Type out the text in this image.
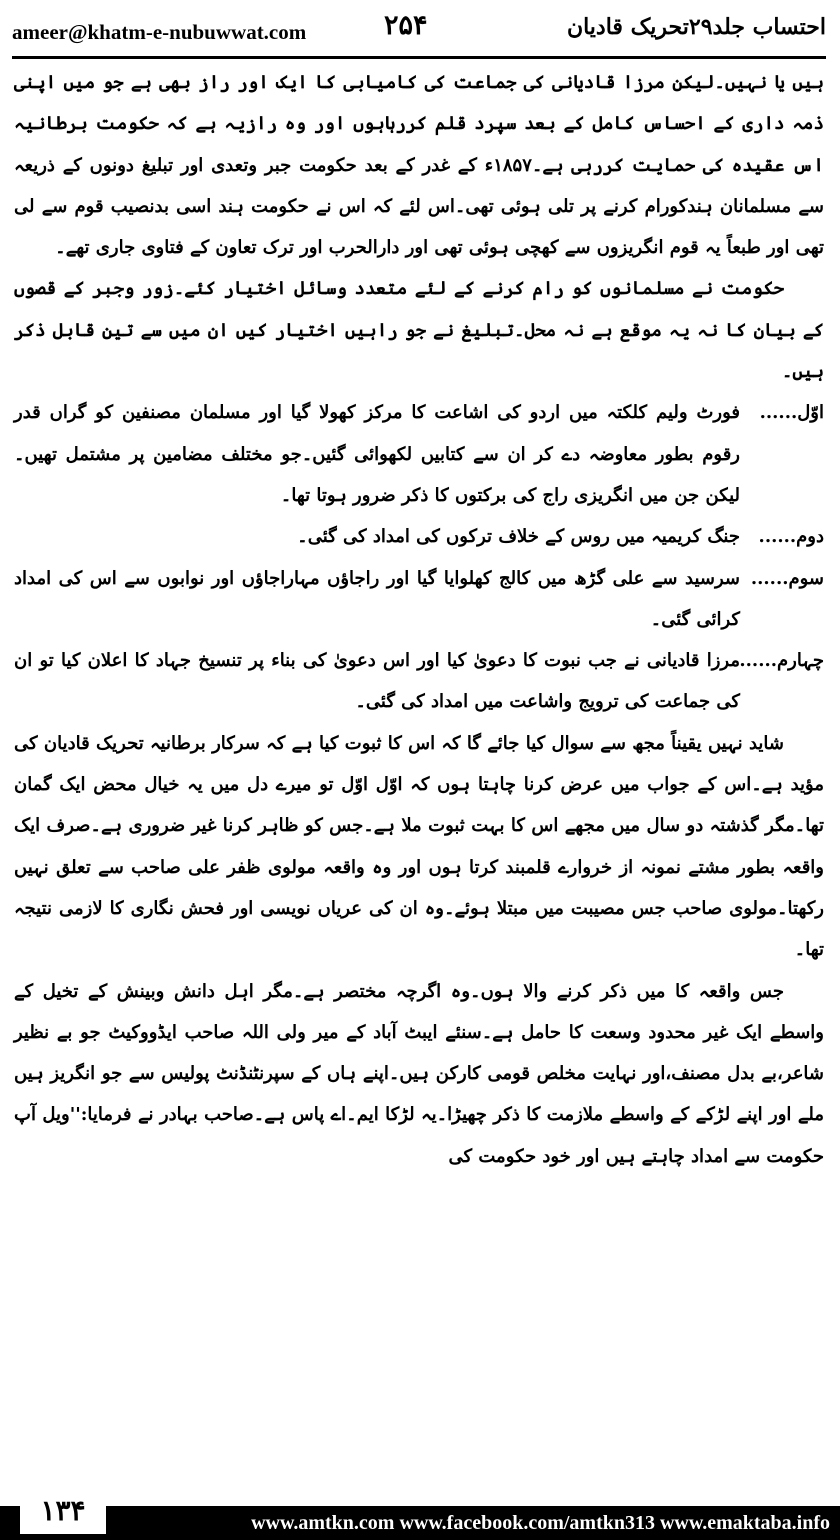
ameer@khatm-e-nubuwwat.com	۲۵۴	احتساب جلد۲۹تحریک قادیان

ہیں یا نہیں۔لیکن مرزا قادیانی کی جماعت کی کامیابی کا ایک اور راز بھی ہے جو میں اپنی ذمہ داری کے احساس کامل کے بعد سپرد قلم کررہاہوں اور وہ رازیہ ہے کہ حکومت برطانیہ اس عقیدہ کی حمایت کررہی ہے۔۱۸۵۷ء کے غدر کے بعد حکومت جبر وتعدی اور تبلیغ دونوں کے ذریعہ سے مسلمانان ہندکورام کرنے پر تلی ہوئی تھی۔اس لئے کہ اس نے حکومت ہند اسی بدنصیب قوم سے لی تھی اور طبعاً یہ قوم انگریزوں سے کھچی ہوئی تھی اور دارالحرب اور ترک تعاون کے فتاوی جاری تھے۔

حکومت نے مسلمانوں کو رام کرنے کے لئے متعدد وسائل اختیار کئے۔زور وجبر کے قصوں کے بیان کا نہ یہ موقع ہے نہ محل۔تبلیغ نے جو راہیں اختیار کیں ان میں سے تین قابل ذکر ہیں۔

اوّل......
فورٹ ولیم کلکتہ میں اردو کی اشاعت کا مرکز کھولا گیا اور مسلمان مصنفین کو گراں قدر رقوم بطور معاوضہ دے کر ان سے کتابیں لکھوائی گئیں۔جو مختلف مضامین پر مشتمل تھیں۔لیکن جن میں انگریزی راج کی برکتوں کا ذکر ضرور ہوتا تھا۔
دوم......
جنگ کریمیہ میں روس کے خلاف ترکوں کی امداد کی گئی۔
سوم......
سرسید سے علی گڑھ میں کالج کھلوایا گیا اور راجاؤں مہاراجاؤں اور نوابوں سے اس کی امداد کرائی گئی۔
چہارم......
مرزا قادیانی نے جب نبوت کا دعویٰ کیا اور اس دعویٰ کی بناء پر تنسیخ جہاد کا اعلان کیا تو ان کی جماعت کی ترویج واشاعت میں امداد کی گئی۔

شاید نہیں یقیناً مجھ سے سوال کیا جائے گا کہ اس کا ثبوت کیا ہے کہ سرکار برطانیہ تحریک قادیان کی مؤید ہے۔اس کے جواب میں عرض کرنا چاہتا ہوں کہ اوّل اوّل تو میرے دل میں یہ خیال محض ایک گمان تھا۔مگر گذشتہ دو سال میں مجھے اس کا بہت ثبوت ملا ہے۔جس کو ظاہر کرنا غیر ضروری ہے۔صرف ایک واقعہ بطور مشتے نمونہ از خروارے قلمبند کرتا ہوں اور وہ واقعہ مولوی ظفر علی صاحب سے تعلق نہیں رکھتا۔مولوی صاحب جس مصیبت میں مبتلا ہوئے۔وہ ان کی عریاں نویسی اور فحش نگاری کا لازمی نتیجہ تھا۔

جس واقعہ کا میں ذکر کرنے والا ہوں۔وہ اگرچہ مختصر ہے۔مگر اہل دانش وبینش کے تخیل کے واسطے ایک غیر محدود وسعت کا حامل ہے۔سنئے ایبٹ آباد کے میر ولی اللہ صاحب ایڈووکیٹ جو بے نظیر شاعر،بے بدل مصنف،اور نہایت مخلص قومی کارکن ہیں۔اپنے ہاں کے سپرنٹنڈنٹ پولیس سے جو انگریز ہیں ملے اور اپنے لڑکے کے واسطے ملازمت کا ذکر چھیڑا۔یہ لڑکا ایم۔اے پاس ہے۔صاحب بہادر نے فرمایا:''ویل آپ حکومت سے امداد چاہتے ہیں اور خود حکومت کی

۱۳۴	www.amtkn.com www.facebook.com/amtkn313 www.emaktaba.info
